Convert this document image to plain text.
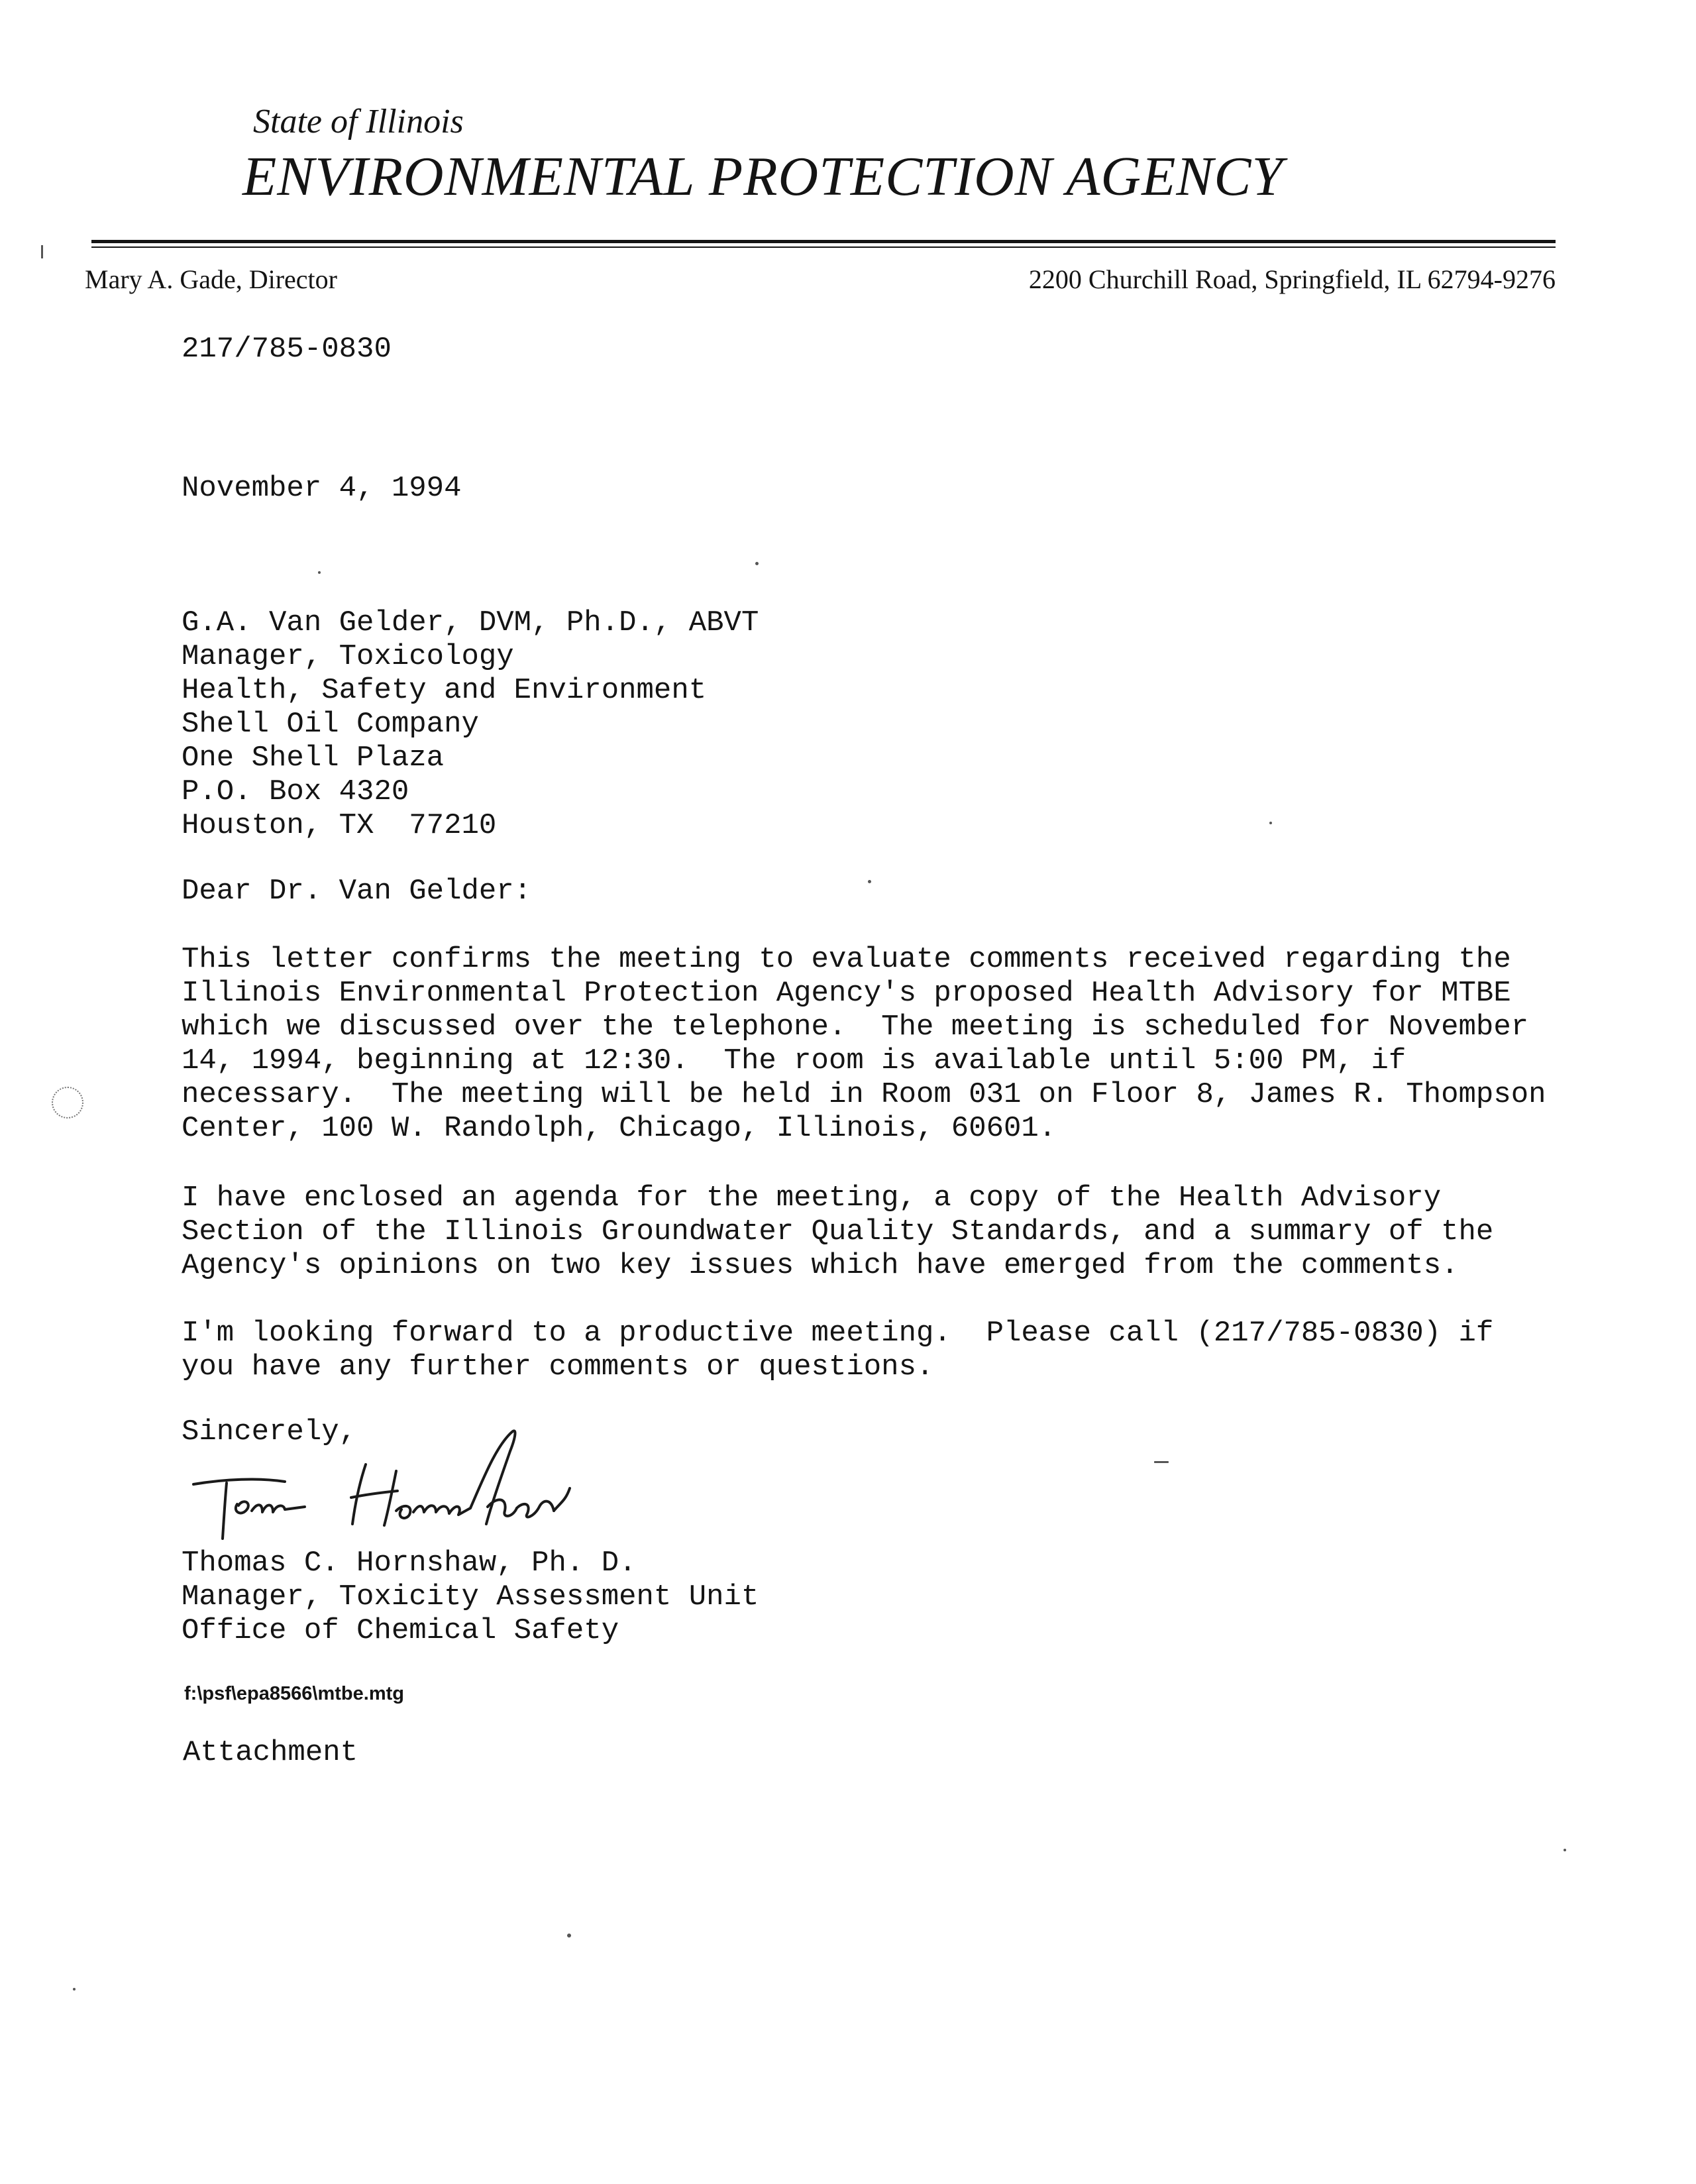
State of Illinois
ENVIRONMENTAL PROTECTION AGENCY
Mary A. Gade, Director	2200 Churchill Road, Springfield, IL 62794-9276
217/785-0830
November 4, 1994
G.A. Van Gelder, DVM, Ph.D., ABVT
Manager, Toxicology
Health, Safety and Environment
Shell Oil Company
One Shell Plaza
P.O. Box 4320
Houston, TX  77210
Dear Dr. Van Gelder:
This letter confirms the meeting to evaluate comments received regarding the
Illinois Environmental Protection Agency's proposed Health Advisory for MTBE
which we discussed over the telephone.  The meeting is scheduled for November
14, 1994, beginning at 12:30.  The room is available until 5:00 PM, if
necessary.  The meeting will be held in Room 031 on Floor 8, James R. Thompson
Center, 100 W. Randolph, Chicago, Illinois, 60601.
I have enclosed an agenda for the meeting, a copy of the Health Advisory
Section of the Illinois Groundwater Quality Standards, and a summary of the
Agency's opinions on two key issues which have emerged from the comments.
I'm looking forward to a productive meeting.  Please call (217/785-0830) if
you have any further comments or questions.
Sincerely,
Thomas C. Hornshaw, Ph. D.
Manager, Toxicity Assessment Unit
Office of Chemical Safety
f:\psf\epa8566\mtbe.mtg
Attachment
